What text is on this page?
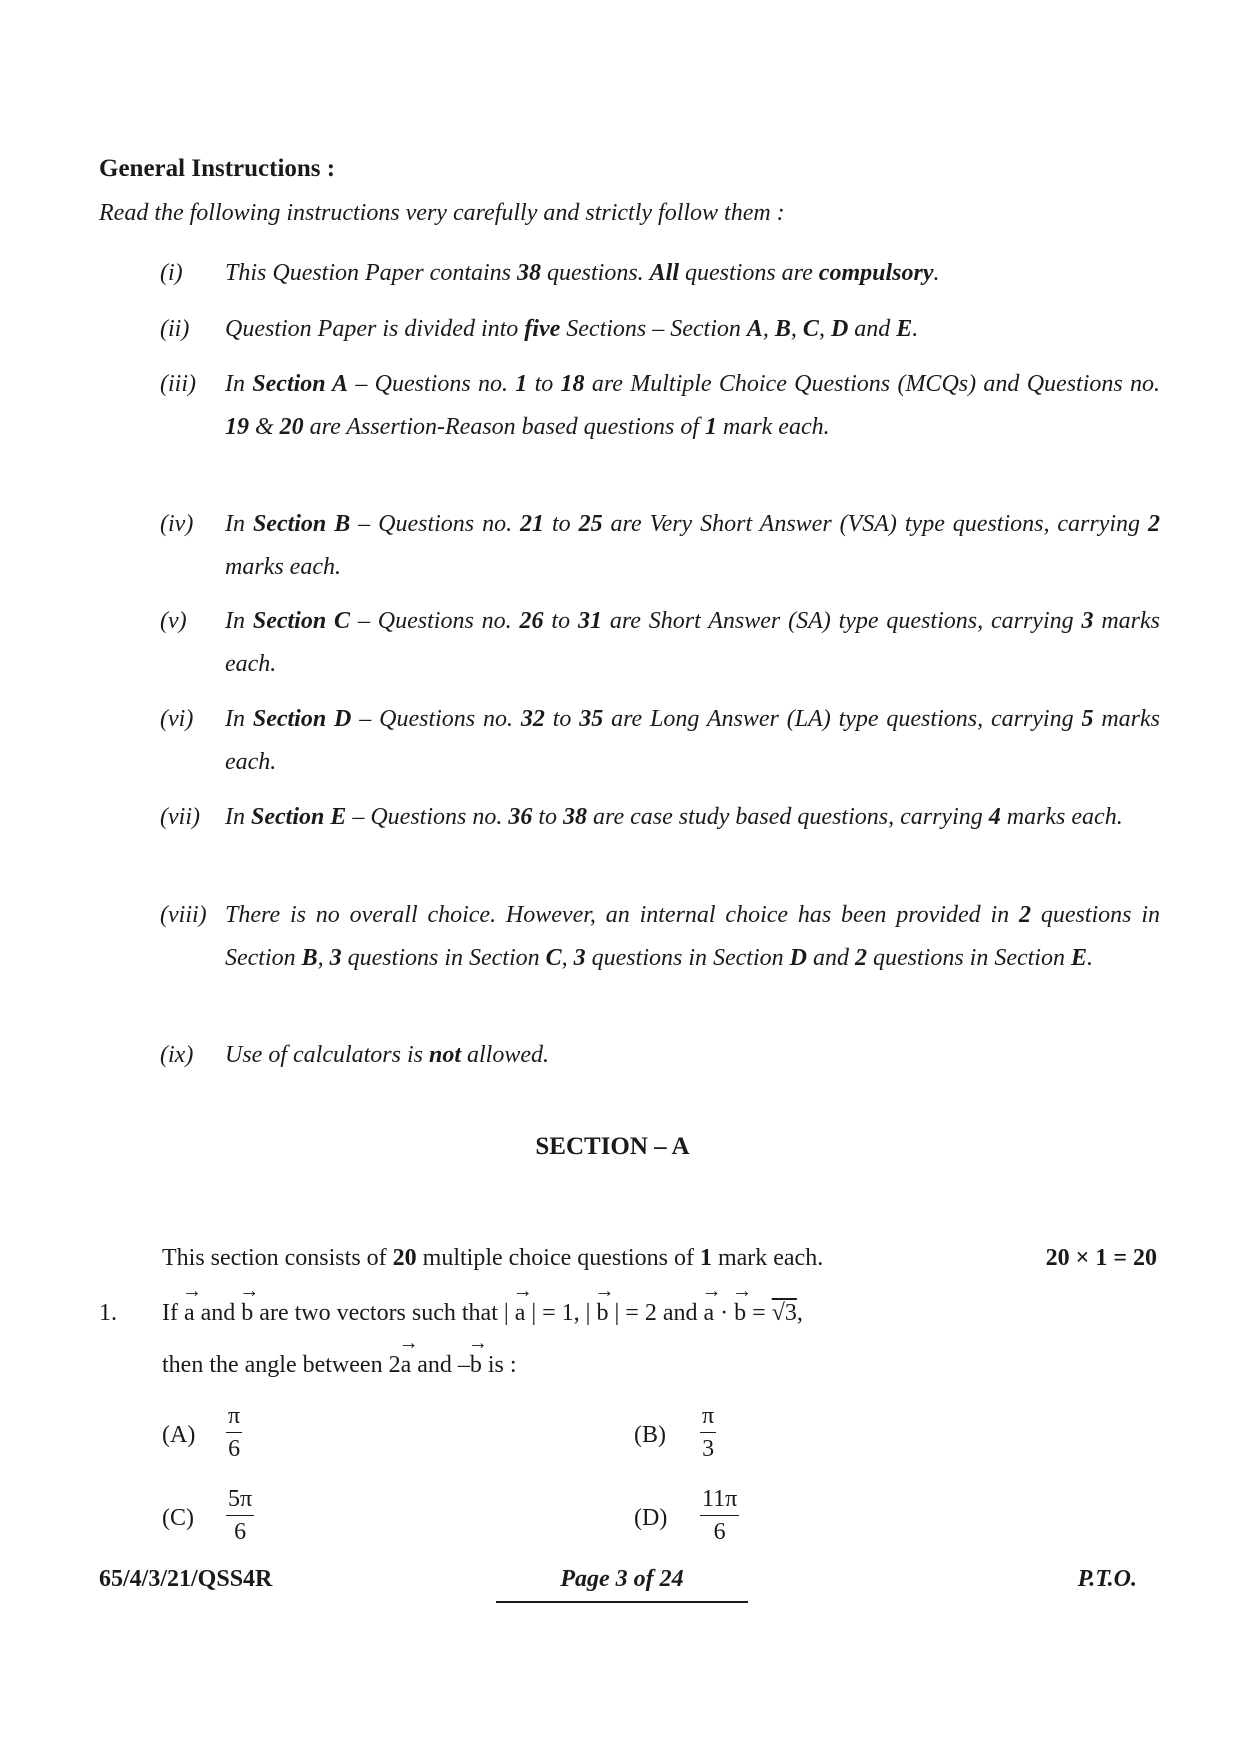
General Instructions :
Read the following instructions very carefully and strictly follow them :
(i) This Question Paper contains 38 questions. All questions are compulsory.
(ii) Question Paper is divided into five Sections – Section A, B, C, D and E.
(iii) In Section A – Questions no. 1 to 18 are Multiple Choice Questions (MCQs) and Questions no. 19 & 20 are Assertion-Reason based questions of 1 mark each.
(iv) In Section B – Questions no. 21 to 25 are Very Short Answer (VSA) type questions, carrying 2 marks each.
(v) In Section C – Questions no. 26 to 31 are Short Answer (SA) type questions, carrying 3 marks each.
(vi) In Section D – Questions no. 32 to 35 are Long Answer (LA) type questions, carrying 5 marks each.
(vii) In Section E – Questions no. 36 to 38 are case study based questions, carrying 4 marks each.
(viii) There is no overall choice. However, an internal choice has been provided in 2 questions in Section B, 3 questions in Section C, 3 questions in Section D and 2 questions in Section E.
(ix) Use of calculators is not allowed.
SECTION – A
This section consists of 20 multiple choice questions of 1 mark each.	20 × 1 = 20
1. If
→
a and
→
b are two vectors such that |
→
a | = 1, |
→
b | = 2 and
→
a ·
→
b = √3,
then the angle between 2
→
a and –
→
b is :
$(A) \frac{\pi}{6}$	$(B) \frac{\pi}{3}$
$(C) \frac{5\pi}{6}$	$(D) \frac{11\pi}{6}$
65/4/3/21/QSS4R	Page 3 of 24	P.T.O.
